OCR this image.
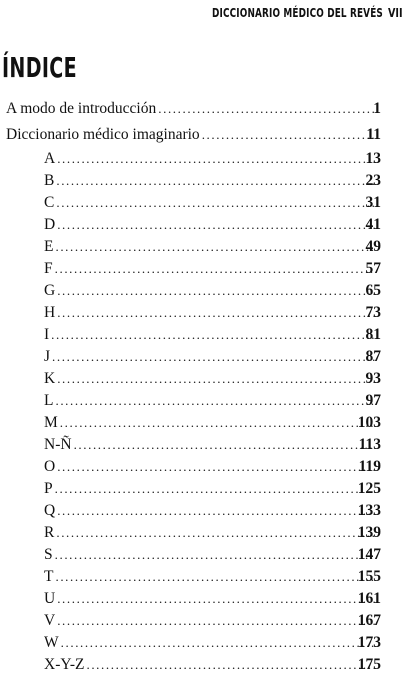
DICCIONARIO MÉDICO DEL REVÉS VII
ÍNDICE
A modo de introducción .....	1
Diccionario médico imaginario .....	11
A .....	13
B .....	23
C .....	31
D .....	41
E .....	49
F .....	57
G .....	65
H .....	73
I .....	81
J .....	87
K .....	93
L .....	97
M .....	103
N-Ñ .....	113
O .....	119
P .....	125
Q .....	133
R .....	139
S .....	147
T .....	155
U .....	161
V .....	167
W .....	173
X-Y-Z .....	175
